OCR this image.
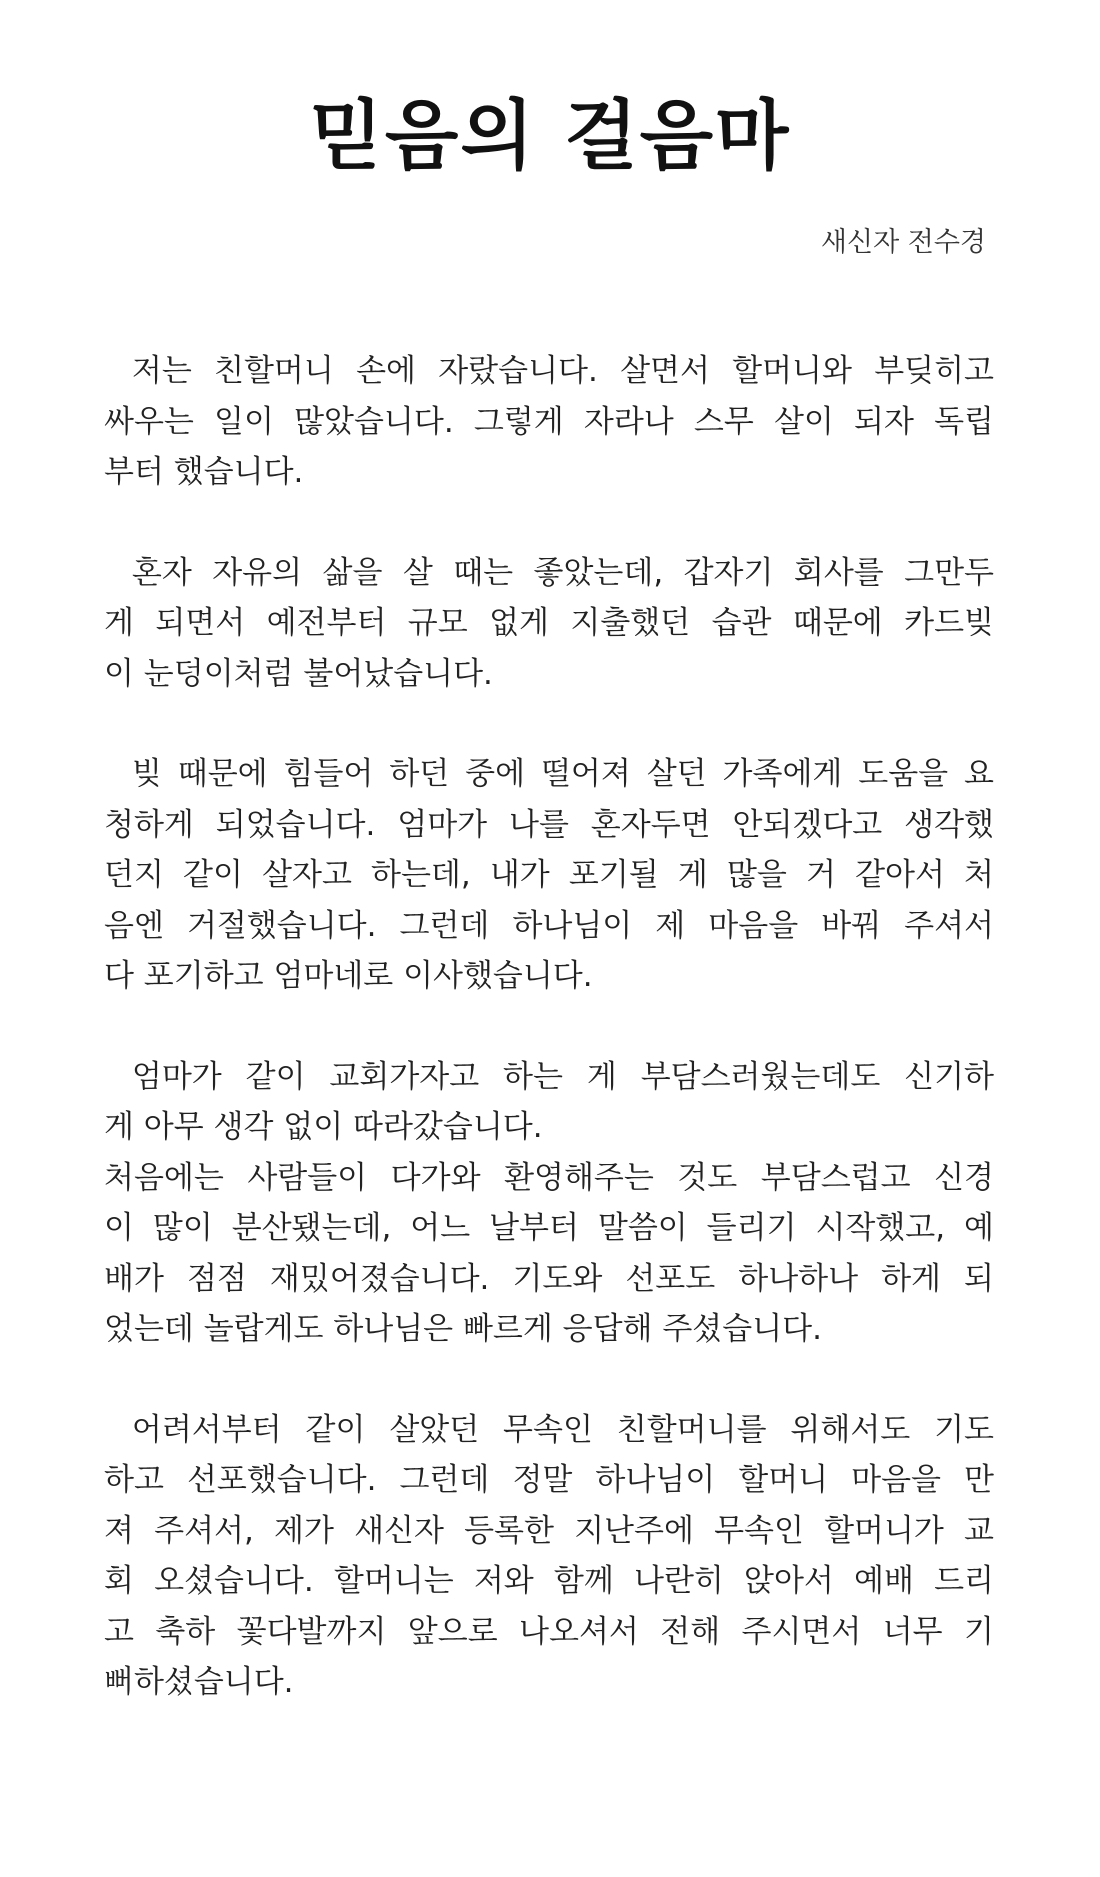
믿음의 걸음마

새신자 전수경

저는 친할머니 손에 자랐습니다. 살면서 할머니와 부딪히고
싸우는 일이 많았습니다. 그렇게 자라나 스무 살이 되자 독립
부터 했습니다.

혼자 자유의 삶을 살 때는 좋았는데, 갑자기 회사를 그만두
게 되면서 예전부터 규모 없게 지출했던 습관 때문에 카드빚
이 눈덩이처럼 불어났습니다.

빚 때문에 힘들어 하던 중에 떨어져 살던 가족에게 도움을 요
청하게 되었습니다. 엄마가 나를 혼자두면 안되겠다고 생각했
던지 같이 살자고 하는데, 내가 포기될 게 많을 거 같아서 처
음엔 거절했습니다. 그런데 하나님이 제 마음을 바꿔 주셔서
다 포기하고 엄마네로 이사했습니다.

엄마가 같이 교회가자고 하는 게 부담스러웠는데도 신기하
게 아무 생각 없이 따라갔습니다.
처음에는 사람들이 다가와 환영해주는 것도 부담스럽고 신경
이 많이 분산됐는데, 어느 날부터 말씀이 들리기 시작했고, 예
배가 점점 재밌어졌습니다. 기도와 선포도 하나하나 하게 되
었는데 놀랍게도 하나님은 빠르게 응답해 주셨습니다.

어려서부터 같이 살았던 무속인 친할머니를 위해서도 기도
하고 선포했습니다. 그런데 정말 하나님이 할머니 마음을 만
져 주셔서, 제가 새신자 등록한 지난주에 무속인 할머니가 교
회 오셨습니다. 할머니는 저와 함께 나란히 앉아서 예배 드리
고 축하 꽃다발까지 앞으로 나오셔서 전해 주시면서 너무 기
뻐하셨습니다.
